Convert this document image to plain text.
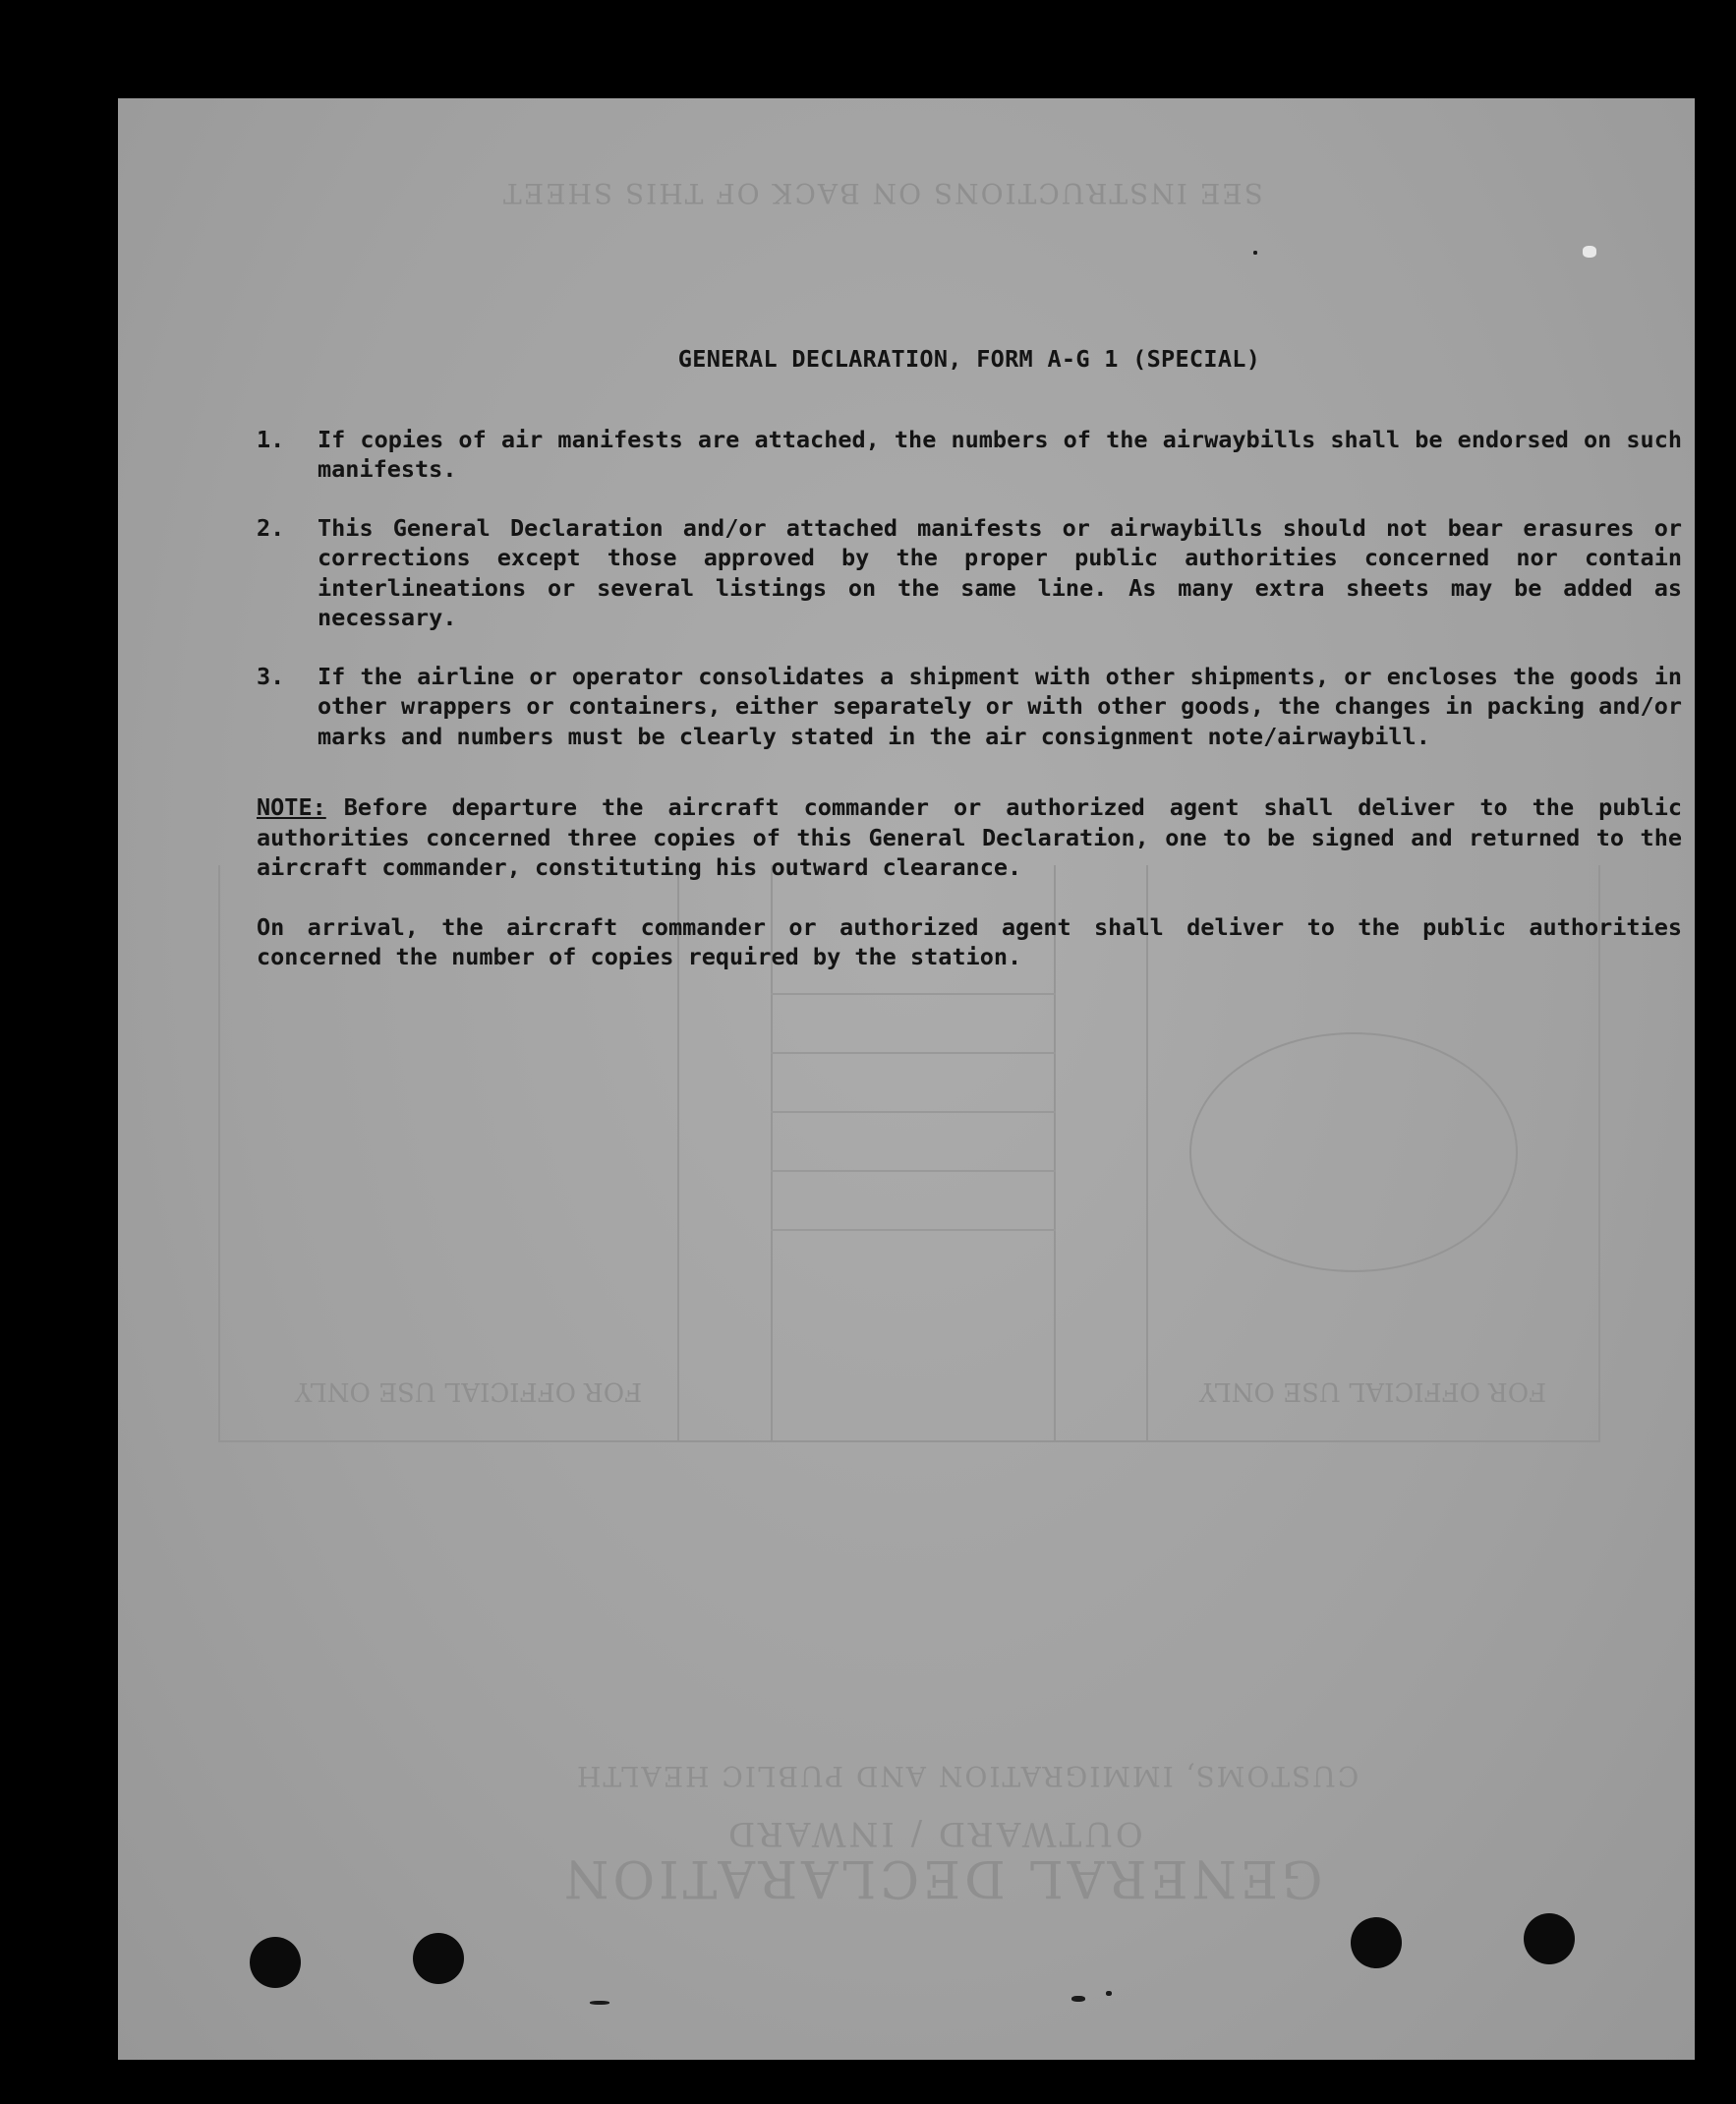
SEE INSTRUCTIONS ON BACK OF THIS SHEET
FOR OFFICIAL USE ONLY	FOR OFFICIAL USE ONLY
CUSTOMS, IMMIGRATION AND PUBLIC HEALTH
OUTWARD / INWARD
GENERAL DECLARATION
GENERAL DECLARATION, FORM A-G 1 (SPECIAL)
1.	If copies of air manifests are attached, the numbers of the airwaybills shall be endorsed on such manifests.
2.	This General Declaration and/or attached manifests or airwaybills should not bear erasures or corrections except those approved by the proper public authorities concerned nor contain interlineations or several listings on the same line. As many extra sheets may be added as necessary.
3.	If the airline or operator consolidates a shipment with other shipments, or encloses the goods in other wrappers or containers, either separately or with other goods, the changes in packing and/or marks and numbers must be clearly stated in the air consignment note/airwaybill.
NOTE: Before departure the aircraft commander or authorized agent shall deliver to the public authorities concerned three copies of this General Declaration, one to be signed and returned to the aircraft commander, constituting his outward clearance.
On arrival, the aircraft commander or authorized agent shall deliver to the public authorities concerned the number of copies required by the station.
